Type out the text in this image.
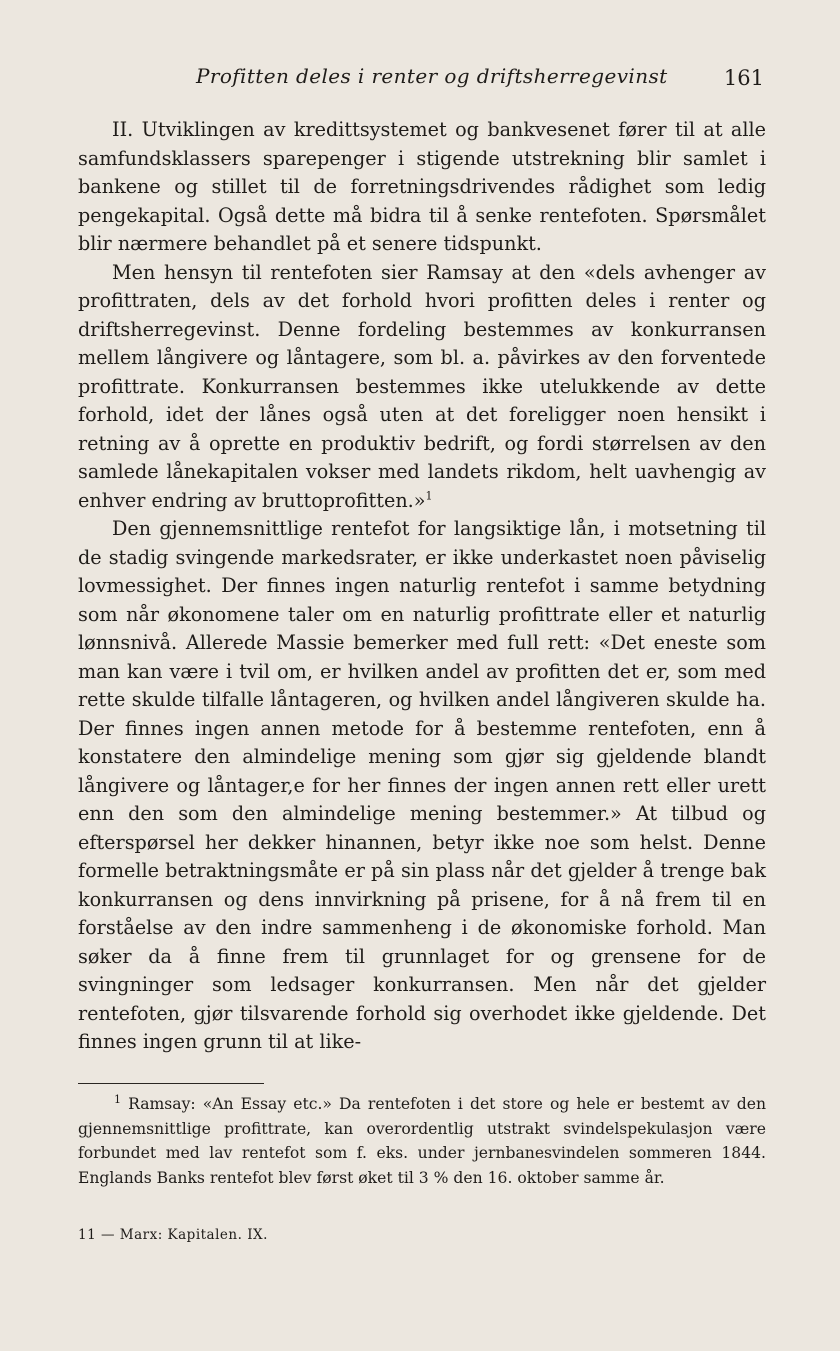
Profitten deles i renter og driftsherregevinst	161

II. Utviklingen av kredittsystemet og bankvesenet fører til at alle samfundsklassers sparepenger i stigende utstrekning blir samlet i bankene og stillet til de forretningsdrivendes rådighet som ledig pengekapital. Også dette må bidra til å senke rentefoten. Spørsmålet blir nærmere behandlet på et senere tidspunkt.

Men hensyn til rentefoten sier Ramsay at den «dels avhenger av profittraten, dels av det forhold hvori profitten deles i renter og driftsherregevinst. Denne fordeling bestemmes av konkurransen mellem långivere og låntagere, som bl. a. påvirkes av den forventede profittrate. Konkurransen bestemmes ikke utelukkende av dette forhold, idet der lånes også uten at det foreligger noen hensikt i retning av å oprette en produktiv bedrift, og fordi størrelsen av den samlede lånekapitalen vokser med landets rikdom, helt uavhengig av enhver endring av bruttoprofitten.»$^1$

Den gjennemsnittlige rentefot for langsiktige lån, i motsetning til de stadig svingende markedsrater, er ikke underkastet noen påviselig lovmessighet. Der finnes ingen naturlig rentefot i samme betydning som når økonomene taler om en naturlig profittrate eller et naturlig lønnsnivå. Allerede Massie bemerker med full rett: «Det eneste som man kan være i tvil om, er hvilken andel av profitten det er, som med rette skulde tilfalle låntageren, og hvilken andel långiveren skulde ha. Der finnes ingen annen metode for å bestemme rentefoten, enn å konstatere den almindelige mening som gjør sig gjeldende blandt långivere og låntager,e for her finnes der ingen annen rett eller urett enn den som den almindelige mening bestemmer.» At tilbud og efterspørsel her dekker hinannen, betyr ikke noe som helst. Denne formelle betraktningsmåte er på sin plass når det gjelder å trenge bak konkurransen og dens innvirkning på prisene, for å nå frem til en forståelse av den indre sammenheng i de økonomiske forhold. Man søker da å finne frem til grunnlaget for og grensene for de svingninger som ledsager konkurransen. Men når det gjelder rentefoten, gjør tilsvarende forhold sig overhodet ikke gjeldende. Det finnes ingen grunn til at like-

$^1$ Ramsay: «An Essay etc.» Da rentefoten i det store og hele er bestemt av den gjennemsnittlige profittrate, kan overordentlig utstrakt svindelspekulasjon være forbundet med lav rentefot som f. eks. under jernbanesvindelen sommeren 1844. Englands Banks rentefot blev først øket til 3 % den 16. oktober samme år.

11 — Marx: Kapitalen. IX.
